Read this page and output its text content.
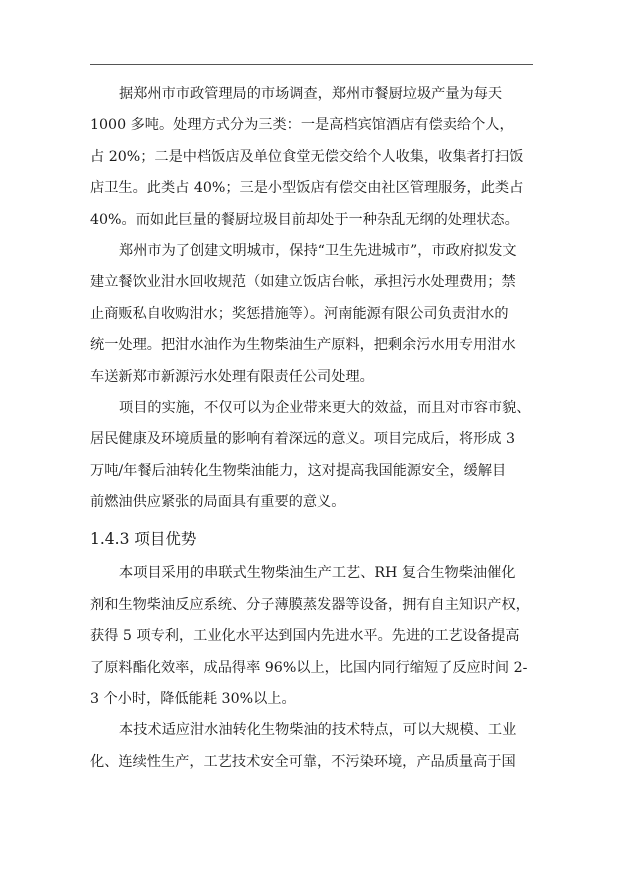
据郑州市市政管理局的市场调查，郑州市餐厨垃圾产量为每天
1000 多吨。处理方式分为三类：一是高档宾馆酒店有偿卖给个人，
占 20%；二是中档饭店及单位食堂无偿交给个人收集，收集者打扫饭
店卫生。此类占 40%；三是小型饭店有偿交由社区管理服务，此类占
40%。而如此巨量的餐厨垃圾目前却处于一种杂乱无纲的处理状态。
郑州市为了创建文明城市，保持“卫生先进城市”，市政府拟发文
建立餐饮业泔水回收规范（如建立饭店台帐，承担污水处理费用；禁
止商贩私自收购泔水；奖惩措施等）。河南能源有限公司负责泔水的
统一处理。把泔水油作为生物柴油生产原料，把剩余污水用专用泔水
车送新郑市新源污水处理有限责任公司处理。
项目的实施，不仅可以为企业带来更大的效益，而且对市容市貌、
居民健康及环境质量的影响有着深远的意义。项目完成后，将形成 3
万吨/年餐后油转化生物柴油能力，这对提高我国能源安全，缓解目
前燃油供应紧张的局面具有重要的意义。
1.4.3 项目优势
本项目采用的串联式生物柴油生产工艺、RH 复合生物柴油催化
剂和生物柴油反应系统、分子薄膜蒸发器等设备，拥有自主知识产权，
获得 5 项专利，工业化水平达到国内先进水平。先进的工艺设备提高
了原料酯化效率，成品得率 96%以上，比国内同行缩短了反应时间 2-
3 个小时，降低能耗 30%以上。
本技术适应泔水油转化生物柴油的技术特点，可以大规模、工业
化、连续性生产，工艺技术安全可靠，不污染环境，产品质量高于国
